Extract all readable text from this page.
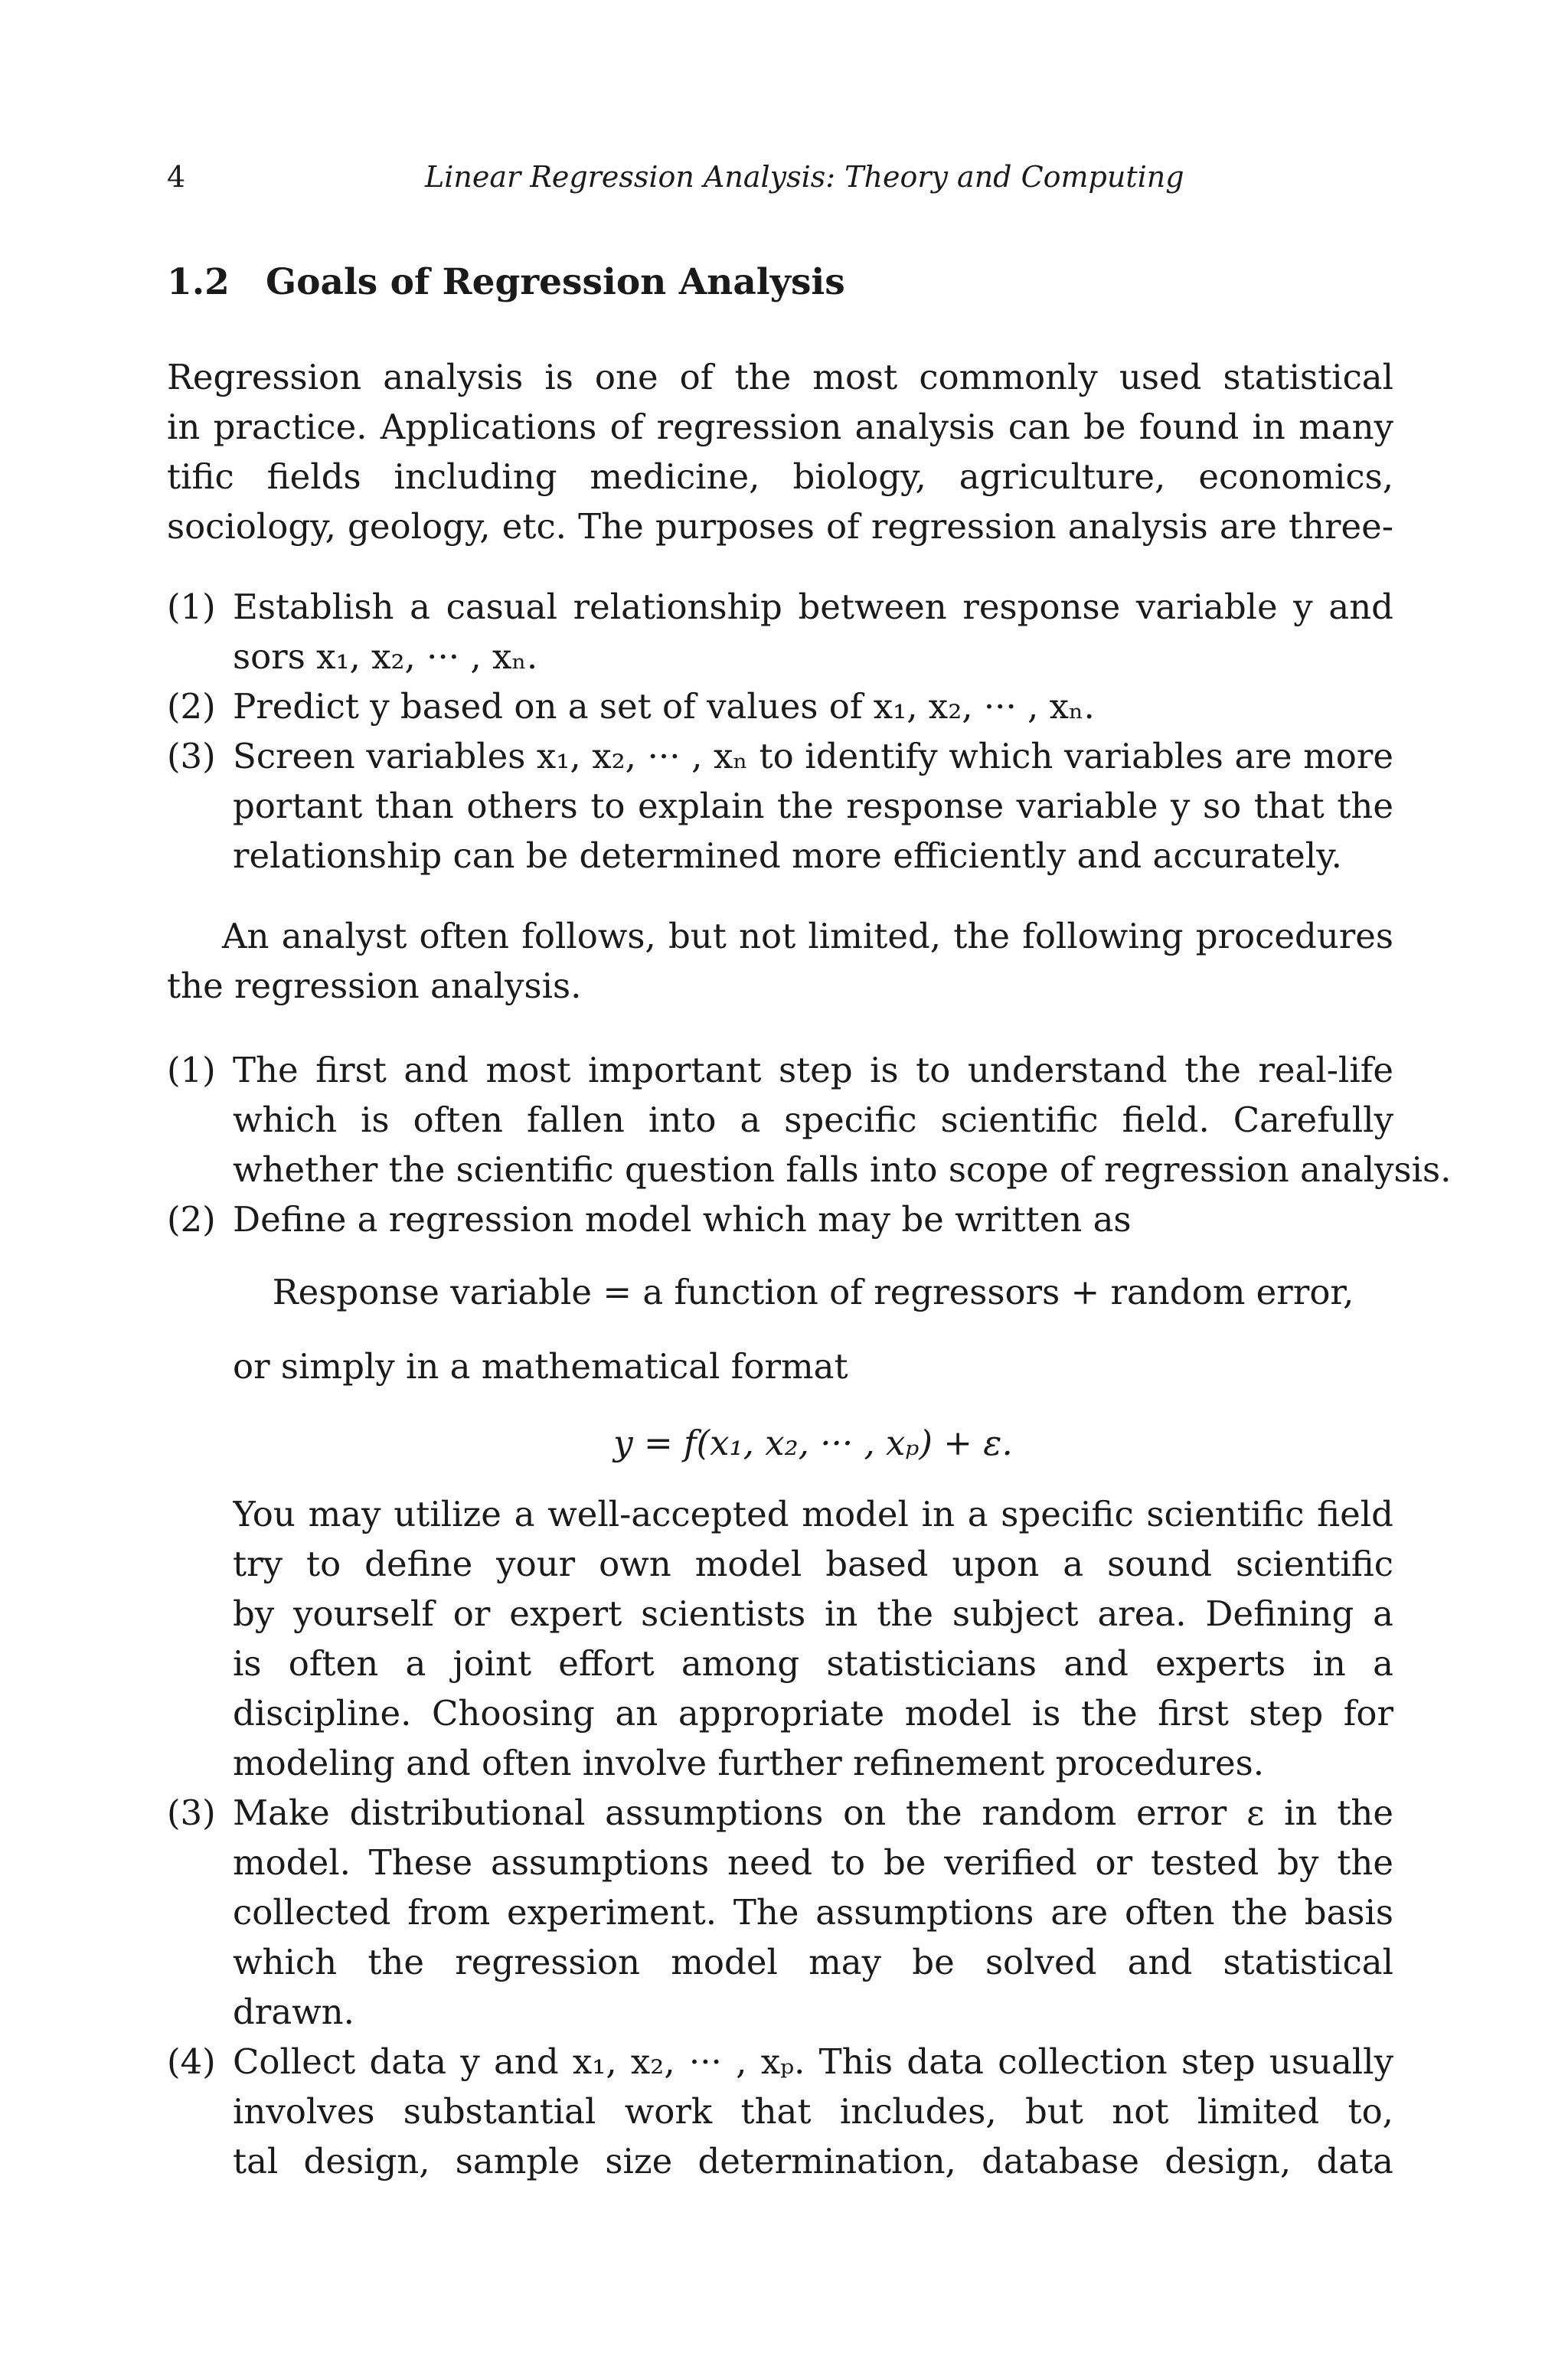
4	Linear Regression Analysis: Theory and Computing
1.2 Goals of Regression Analysis
Regression analysis is one of the most commonly used statistical
in practice. Applications of regression analysis can be found in many
tific fields including medicine, biology, agriculture, economics,
sociology, geology, etc. The purposes of regression analysis are three-
(1) Establish a casual relationship between response variable y and
sors x₁, x₂, ··· , xₙ.
(2) Predict y based on a set of values of x₁, x₂, ··· , xₙ.
(3) Screen variables x₁, x₂, ··· , xₙ to identify which variables are more
portant than others to explain the response variable y so that the
relationship can be determined more efficiently and accurately.
An analyst often follows, but not limited, the following procedures
the regression analysis.
(1) The first and most important step is to understand the real-life
which is often fallen into a specific scientific field. Carefully
whether the scientific question falls into scope of regression analysis.
(2) Define a regression model which may be written as
Response variable = a function of regressors + random error,
or simply in a mathematical format
y = f(x₁, x₂, ··· , xₚ) + ε.
You may utilize a well-accepted model in a specific scientific field
try to define your own model based upon a sound scientific
by yourself or expert scientists in the subject area. Defining a
is often a joint effort among statisticians and experts in a
discipline. Choosing an appropriate model is the first step for
modeling and often involve further refinement procedures.
(3) Make distributional assumptions on the random error ε in the
model. These assumptions need to be verified or tested by the
collected from experiment. The assumptions are often the basis
which the regression model may be solved and statistical
drawn.
(4) Collect data y and x₁, x₂, ··· , xₚ. This data collection step usually
involves substantial work that includes, but not limited to,
tal design, sample size determination, database design, data
